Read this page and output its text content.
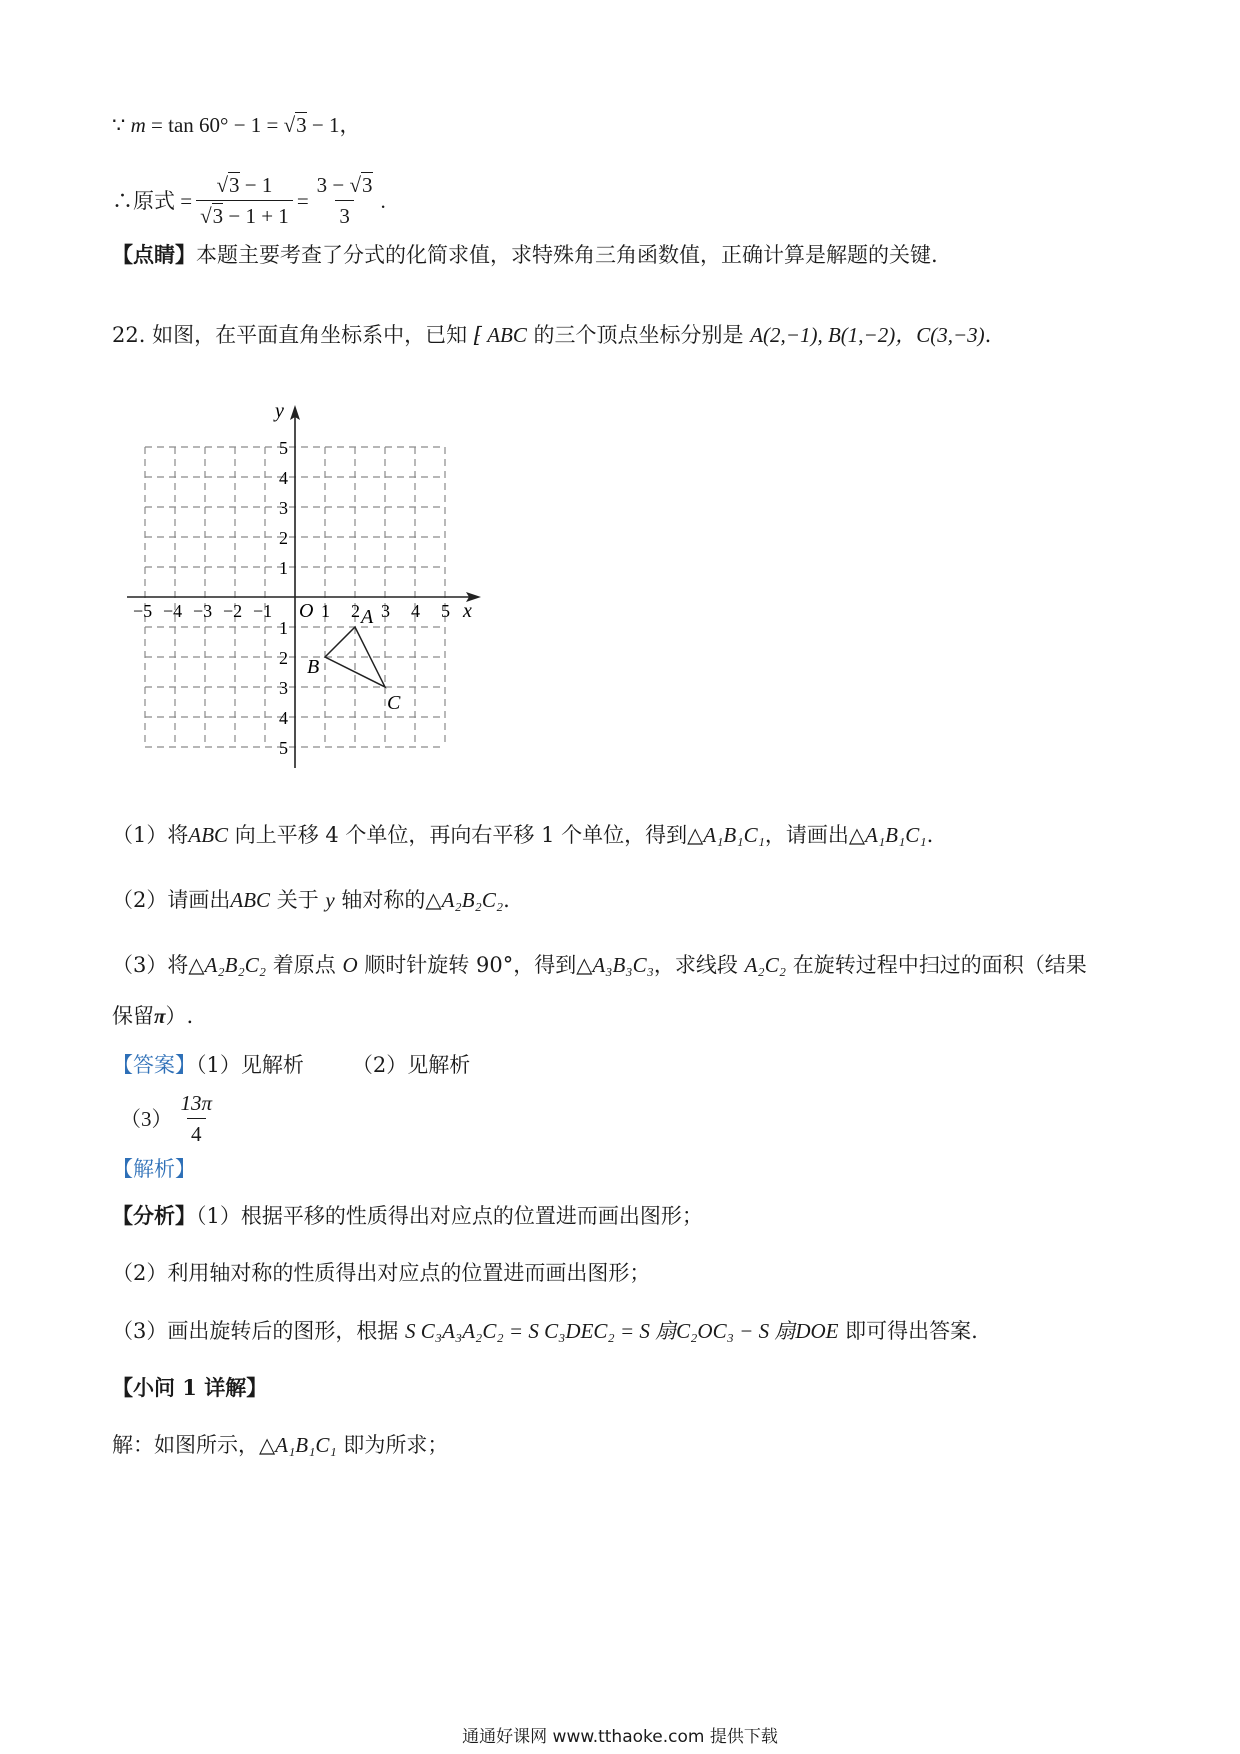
∵ m = tan 60° − 1 = √3 − 1，
∴原式 = $\frac{√3 - 1}{√3 - 1 + 1} = \frac{3 - √3}{3}$ .
【点睛】本题主要考查了分式的化简求值，求特殊角三角函数值，正确计算是解题的关键.
22. 如图，在平面直角坐标系中，已知 ⁅ ABC 的三个顶点坐标分别是 A(2,−1), B(1,−2)，C(3,−3).
x
y
O
−5 −4 −3 −2 −1	1 2 3 4 5
5
4
3
2
1
1
2
3
4
5
A
B
C
（1）将ABC 向上平移 4 个单位，再向右平移 1 个单位，得到△A₁B₁C₁，请画出△A₁B₁C₁.
（2）请画出ABC 关于 y 轴对称的△A₂B₂C₂.
（3）将△A₂B₂C₂ 着原点 O 顺时针旋转 90°，得到△A₃B₃C₃，求线段 A₂C₂ 在旋转过程中扫过的面积（结果
保留π）.
【答案】（1）见解析 （2）见解析
$(3) \frac{13\pi}{4}$
【解析】
【分析】（1）根据平移的性质得出对应点的位置进而画出图形；
（2）利用轴对称的性质得出对应点的位置进而画出图形；
（3）画出旋转后的图形，根据 S C₃A₃A₂C₂ = S C₃DEC₂ = S 扇C₂OC₃ − S 扇DOE 即可得出答案.
【小问 1 详解】
解：如图所示，△A₁B₁C₁ 即为所求；
通通好课网 www.tthaoke.com 提供下载
